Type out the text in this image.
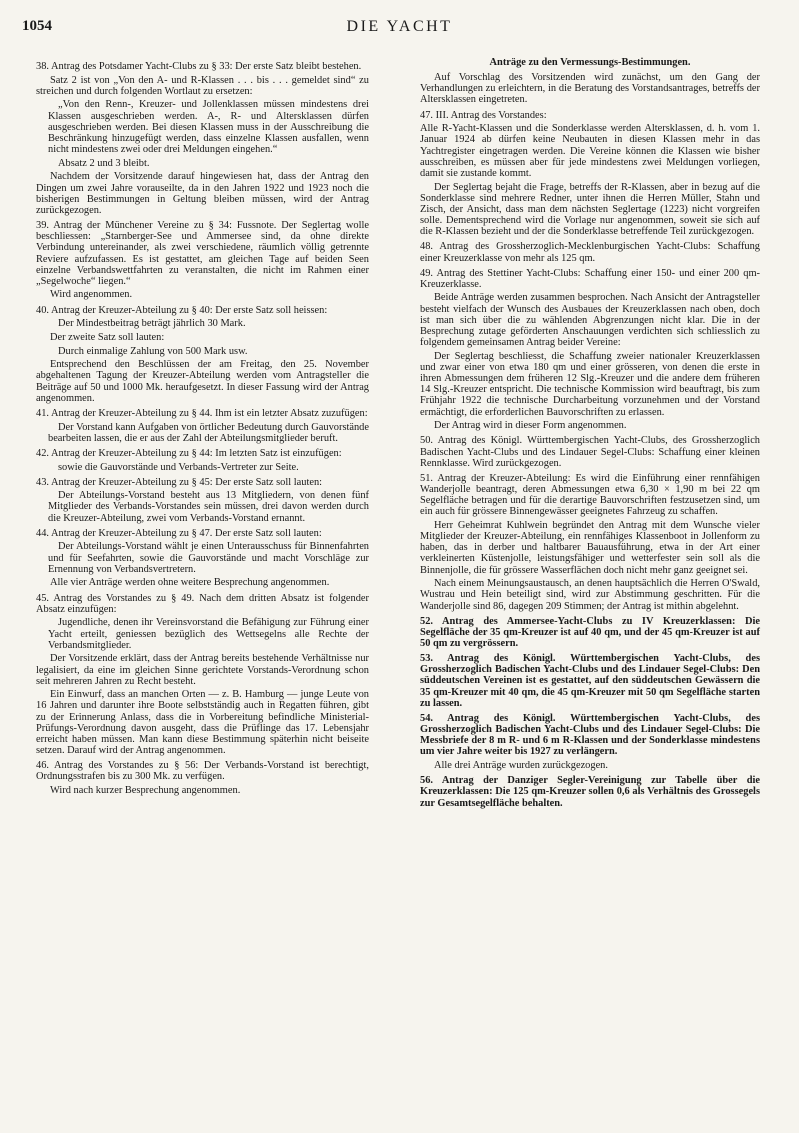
1054	DIE YACHT

38. Antrag des Potsdamer Yacht-Clubs zu § 33: Der erste Satz bleibt bestehen.

Satz 2 ist von „Von den A- und R-Klassen . . . bis . . . gemeldet sind“ zu streichen und durch folgenden Wortlaut zu ersetzen:

„Von den Renn-, Kreuzer- und Jollenklassen müssen mindestens drei Klassen ausgeschrieben werden. A-, R- und Altersklassen dürfen ausgeschrieben werden. Bei diesen Klassen muss in der Ausschreibung die Beschränkung hinzugefügt werden, dass einzelne Klassen ausfallen, wenn nicht mindestens zwei oder drei Meldungen eingehen.“

Absatz 2 und 3 bleibt.

Nachdem der Vorsitzende darauf hingewiesen hat, dass der Antrag den Dingen um zwei Jahre vorauseilte, da in den Jahren 1922 und 1923 noch die bisherigen Bestimmungen in Geltung bleiben müssen, wird der Antrag zurückgezogen.

39. Antrag der Münchener Vereine zu § 34: Fussnote. Der Seglertag wolle beschliessen: „Starnberger-See und Ammersee sind, da ohne direkte Verbindung untereinander, als zwei verschiedene, räumlich völlig getrennte Reviere aufzufassen. Es ist gestattet, am gleichen Tage auf beiden Seen einzelne Verbandswettfahrten zu veranstalten, die nicht im Rahmen einer „Segelwoche“ liegen.“

Wird angenommen.

40. Antrag der Kreuzer-Abteilung zu § 40: Der erste Satz soll heissen:

Der Mindestbeitrag beträgt jährlich 30 Mark.

Der zweite Satz soll lauten:

Durch einmalige Zahlung von 500 Mark usw.

Entsprechend den Beschlüssen der am Freitag, den 25. November abgehaltenen Tagung der Kreuzer-Abteilung werden vom Antragsteller die Beiträge auf 50 und 1000 Mk. heraufgesetzt. In dieser Fassung wird der Antrag angenommen.

41. Antrag der Kreuzer-Abteilung zu § 44. Ihm ist ein letzter Absatz zuzufügen:

Der Vorstand kann Aufgaben von örtlicher Bedeutung durch Gauvorstände bearbeiten lassen, die er aus der Zahl der Abteilungsmitglieder beruft.

42. Antrag der Kreuzer-Abteilung zu § 44: Im letzten Satz ist einzufügen:

sowie die Gauvorstände und Verbands-Vertreter zur Seite.

43. Antrag der Kreuzer-Abteilung zu § 45: Der erste Satz soll lauten:

Der Abteilungs-Vorstand besteht aus 13 Mitgliedern, von denen fünf Mitglieder des Verbands-Vorstandes sein müssen, drei davon werden durch die Kreuzer-Abteilung, zwei vom Verbands-Vorstand ernannt.

44. Antrag der Kreuzer-Abteilung zu § 47. Der erste Satz soll lauten:

Der Abteilungs-Vorstand wählt je einen Unterausschuss für Binnenfahrten und für Seefahrten, sowie die Gauvorstände und macht Vorschläge zur Ernennung von Verbandsvertretern.

Alle vier Anträge werden ohne weitere Besprechung angenommen.

45. Antrag des Vorstandes zu § 49. Nach dem dritten Absatz ist folgender Absatz einzufügen:

Jugendliche, denen ihr Vereinsvorstand die Befähigung zur Führung einer Yacht erteilt, geniessen bezüglich des Wettsegelns alle Rechte der Verbandsmitglieder.

Der Vorsitzende erklärt, dass der Antrag bereits bestehende Verhältnisse nur legalisiert, da eine im gleichen Sinne gerichtete Vorstands-Verordnung schon seit mehreren Jahren zu Recht besteht.

Ein Einwurf, dass an manchen Orten — z. B. Hamburg — junge Leute von 16 Jahren und darunter ihre Boote selbstständig auch in Regatten führen, gibt zu der Erinnerung Anlass, dass die in Vorbereitung befindliche Ministerial-Prüfungs-Verordnung davon ausgeht, dass die Prüflinge das 17. Lebensjahr erreicht haben müssen. Man kann diese Bestimmung späterhin nicht beiseite setzen. Darauf wird der Antrag angenommen.

46. Antrag des Vorstandes zu § 56: Der Verbands-Vorstand ist berechtigt, Ordnungsstrafen bis zu 300 Mk. zu verfügen.

Wird nach kurzer Besprechung angenommen.

Anträge zu den Vermessungs-Bestimmungen.

Auf Vorschlag des Vorsitzenden wird zunächst, um den Gang der Verhandlungen zu erleichtern, in die Beratung des Vorstandsantrages, betreffs der Altersklassen eingetreten.

47. III. Antrag des Vorstandes:

Alle R-Yacht-Klassen und die Sonderklasse werden Altersklassen, d. h. vom 1. Januar 1924 ab dürfen keine Neubauten in diesen Klassen mehr in das Yachtregister eingetragen werden. Die Vereine können die Klassen wie bisher ausschreiben, es müssen aber für jede mindestens zwei Meldungen vorliegen, damit sie zustande kommt.

Der Seglertag bejaht die Frage, betreffs der R-Klassen, aber in bezug auf die Sonderklasse sind mehrere Redner, unter ihnen die Herren Müller, Stahn und Zisch, der Ansicht, dass man dem nächsten Seglertage (1223) nicht vorgreifen solle. Dementsprechend wird die Vorlage nur angenommen, soweit sie sich auf die R-Klassen bezieht und der die Sonderklasse betreffende Teil zurückgezogen.

48. Antrag des Grossherzoglich-Mecklenburgischen Yacht-Clubs: Schaffung einer Kreuzerklasse von mehr als 125 qm.

49. Antrag des Stettiner Yacht-Clubs: Schaffung einer 150- und einer 200 qm-Kreuzerklasse.

Beide Anträge werden zusammen besprochen. Nach Ansicht der Antragsteller besteht vielfach der Wunsch des Ausbaues der Kreuzerklassen nach oben, doch ist man sich über die zu wählenden Abgrenzungen nicht klar. Die in der Besprechung zutage geförderten Anschauungen verdichten sich schliesslich zu folgendem gemeinsamen Antrag beider Vereine:

Der Seglertag beschliesst, die Schaffung zweier nationaler Kreuzerklassen und zwar einer von etwa 180 qm und einer grösseren, von denen die erste in ihren Abmessungen dem früheren 12 Slg.-Kreuzer und die andere dem früheren 14 Slg.-Kreuzer entspricht. Die technische Kommission wird beauftragt, bis zum Frühjahr 1922 die technische Durcharbeitung vorzunehmen und der Vorstand ermächtigt, die erforderlichen Bauvorschriften zu erlassen.

Der Antrag wird in dieser Form angenommen.

50. Antrag des Königl. Württembergischen Yacht-Clubs, des Grossherzoglich Badischen Yacht-Clubs und des Lindauer Segel-Clubs: Schaffung einer kleinen Rennklasse. Wird zurückgezogen.

51. Antrag der Kreuzer-Abteilung: Es wird die Einführung einer rennfähigen Wanderjolle beantragt, deren Abmessungen etwa 6,30 × 1,90 m bei 22 qm Segelfläche betragen und für die derartige Bauvorschriften festzusetzen sind, um ein auch für grössere Binnengewässer geeignetes Fahrzeug zu schaffen.

Herr Geheimrat Kuhlwein begründet den Antrag mit dem Wunsche vieler Mitglieder der Kreuzer-Abteilung, ein rennfähiges Klassenboot in Jollenform zu haben, das in derber und haltbarer Bauausführung, etwa in der Art einer verkleinerten Küstenjolle, leistungsfähiger und wetterfester sein soll als die Binnenjolle, die für grössere Wasserflächen doch nicht mehr ganz geeignet sei.

Nach einem Meinungsaustausch, an denen hauptsächlich die Herren O'Swald, Wustrau und Hein beteiligt sind, wird zur Abstimmung geschritten. Für die Wanderjolle sind 86, dagegen 209 Stimmen; der Antrag ist mithin abgelehnt.

52. Antrag des Ammersee-Yacht-Clubs zu IV Kreuzerklassen: Die Segelfläche der 35 qm-Kreuzer ist auf 40 qm, und der 45 qm-Kreuzer ist auf 50 qm zu vergrössern.

53. Antrag des Königl. Württembergischen Yacht-Clubs, des Grossherzoglich Badischen Yacht-Clubs und des Lindauer Segel-Clubs: Den süddeutschen Vereinen ist es gestattet, auf den süddeutschen Gewässern die 35 qm-Kreuzer mit 40 qm, die 45 qm-Kreuzer mit 50 qm Segelfläche starten zu lassen.

54. Antrag des Königl. Württembergischen Yacht-Clubs, des Grossherzoglich Badischen Yacht-Clubs und des Lindauer Segel-Clubs: Die Messbriefe der 8 m R- und 6 m R-Klassen und der Sonderklasse mindestens um vier Jahre weiter bis 1927 zu verlängern.

Alle drei Anträge wurden zurückgezogen.

56. Antrag der Danziger Segler-Vereinigung zur Tabelle über die Kreuzerklassen: Die 125 qm-Kreuzer sollen 0,6 als Verhältnis des Grossegels zur Gesamtsegelfläche behalten.
